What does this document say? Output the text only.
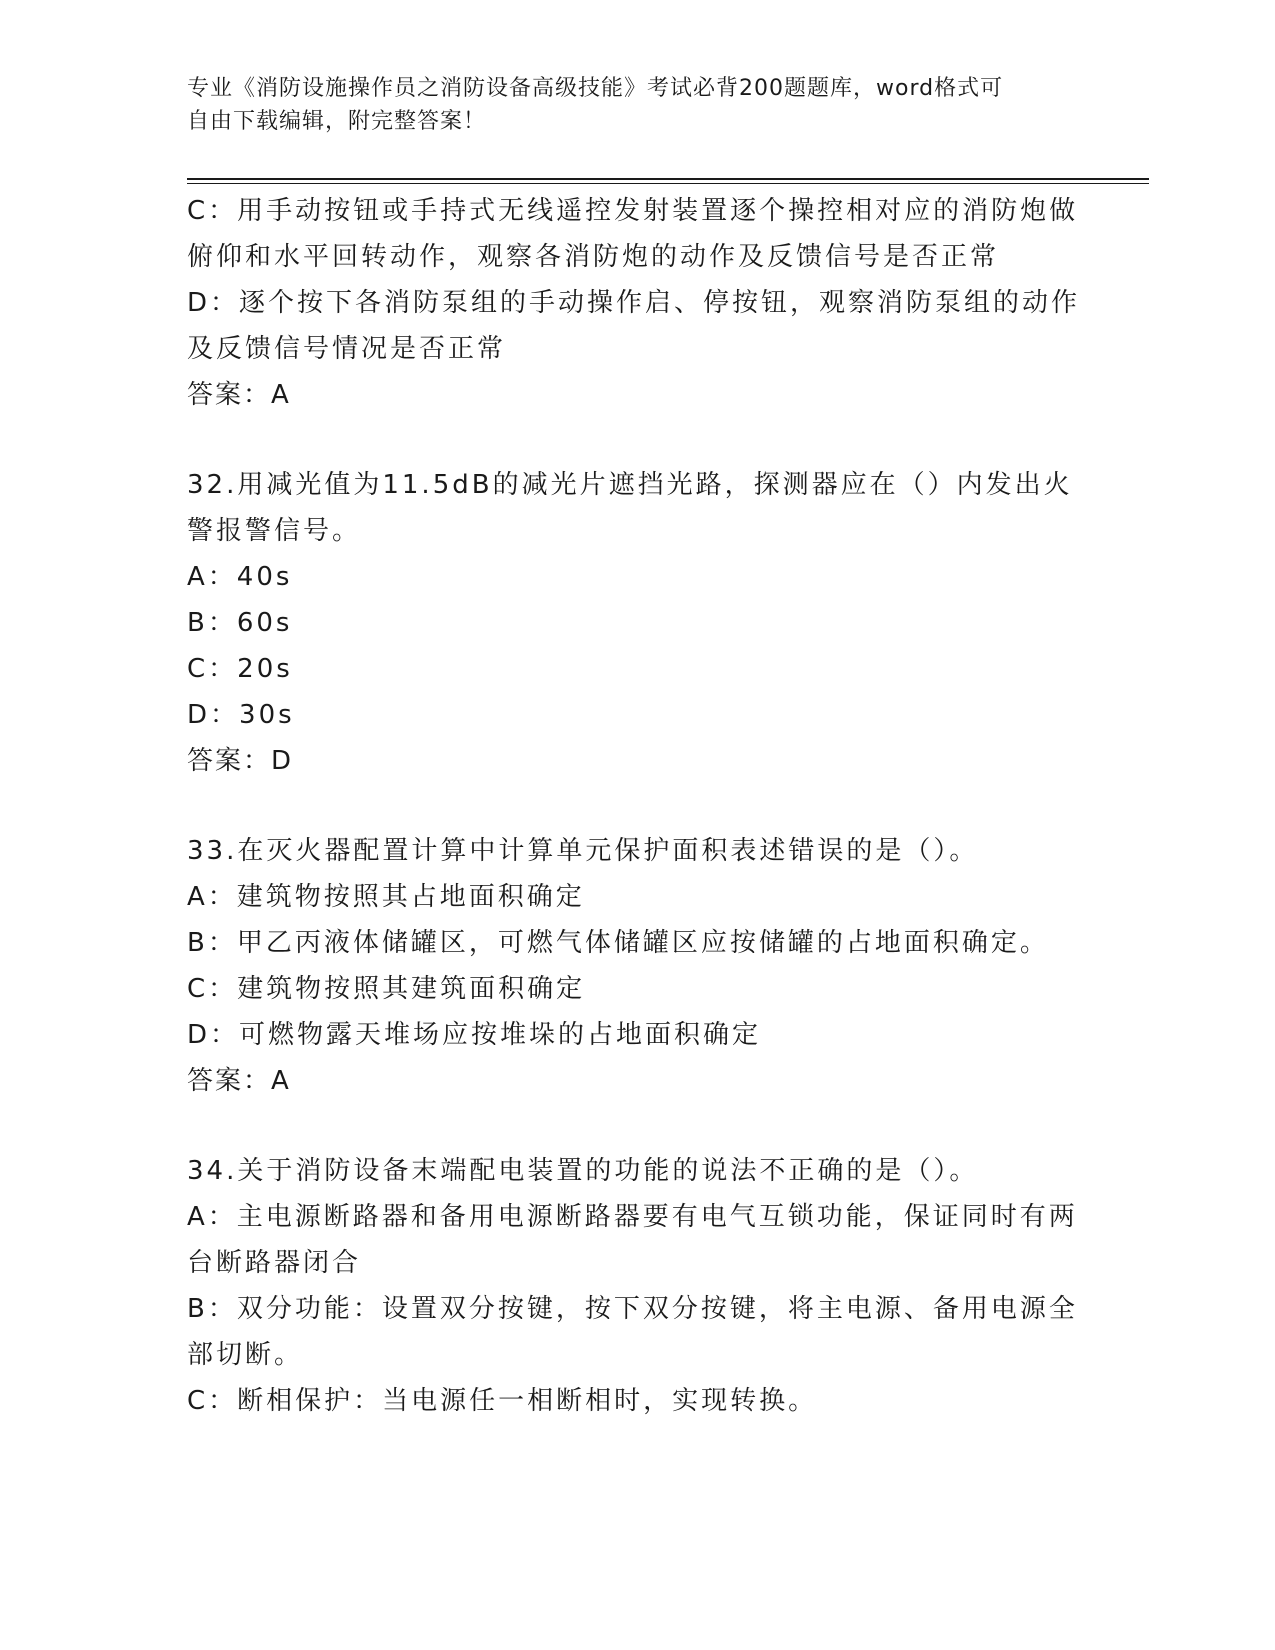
专业《消防设施操作员之消防设备高级技能》考试必背200题题库，word格式可
自由下载编辑，附完整答案！
C：用手动按钮或手持式无线遥控发射装置逐个操控相对应的消防炮做
俯仰和水平回转动作，观察各消防炮的动作及反馈信号是否正常
D：逐个按下各消防泵组的手动操作启、停按钮，观察消防泵组的动作
及反馈信号情况是否正常
答案：A
32.用减光值为11.5dB的减光片遮挡光路，探测器应在（）内发出火
警报警信号。
A：40s
B：60s
C：20s
D：30s
答案：D
33.在灭火器配置计算中计算单元保护面积表述错误的是（）。
A：建筑物按照其占地面积确定
B：甲乙丙液体储罐区，可燃气体储罐区应按储罐的占地面积确定。
C：建筑物按照其建筑面积确定
D：可燃物露天堆场应按堆垛的占地面积确定
答案：A
34.关于消防设备末端配电装置的功能的说法不正确的是（）。
A：主电源断路器和备用电源断路器要有电气互锁功能，保证同时有两
台断路器闭合
B：双分功能：设置双分按键，按下双分按键，将主电源、备用电源全
部切断。
C：断相保护：当电源任一相断相时，实现转换。
